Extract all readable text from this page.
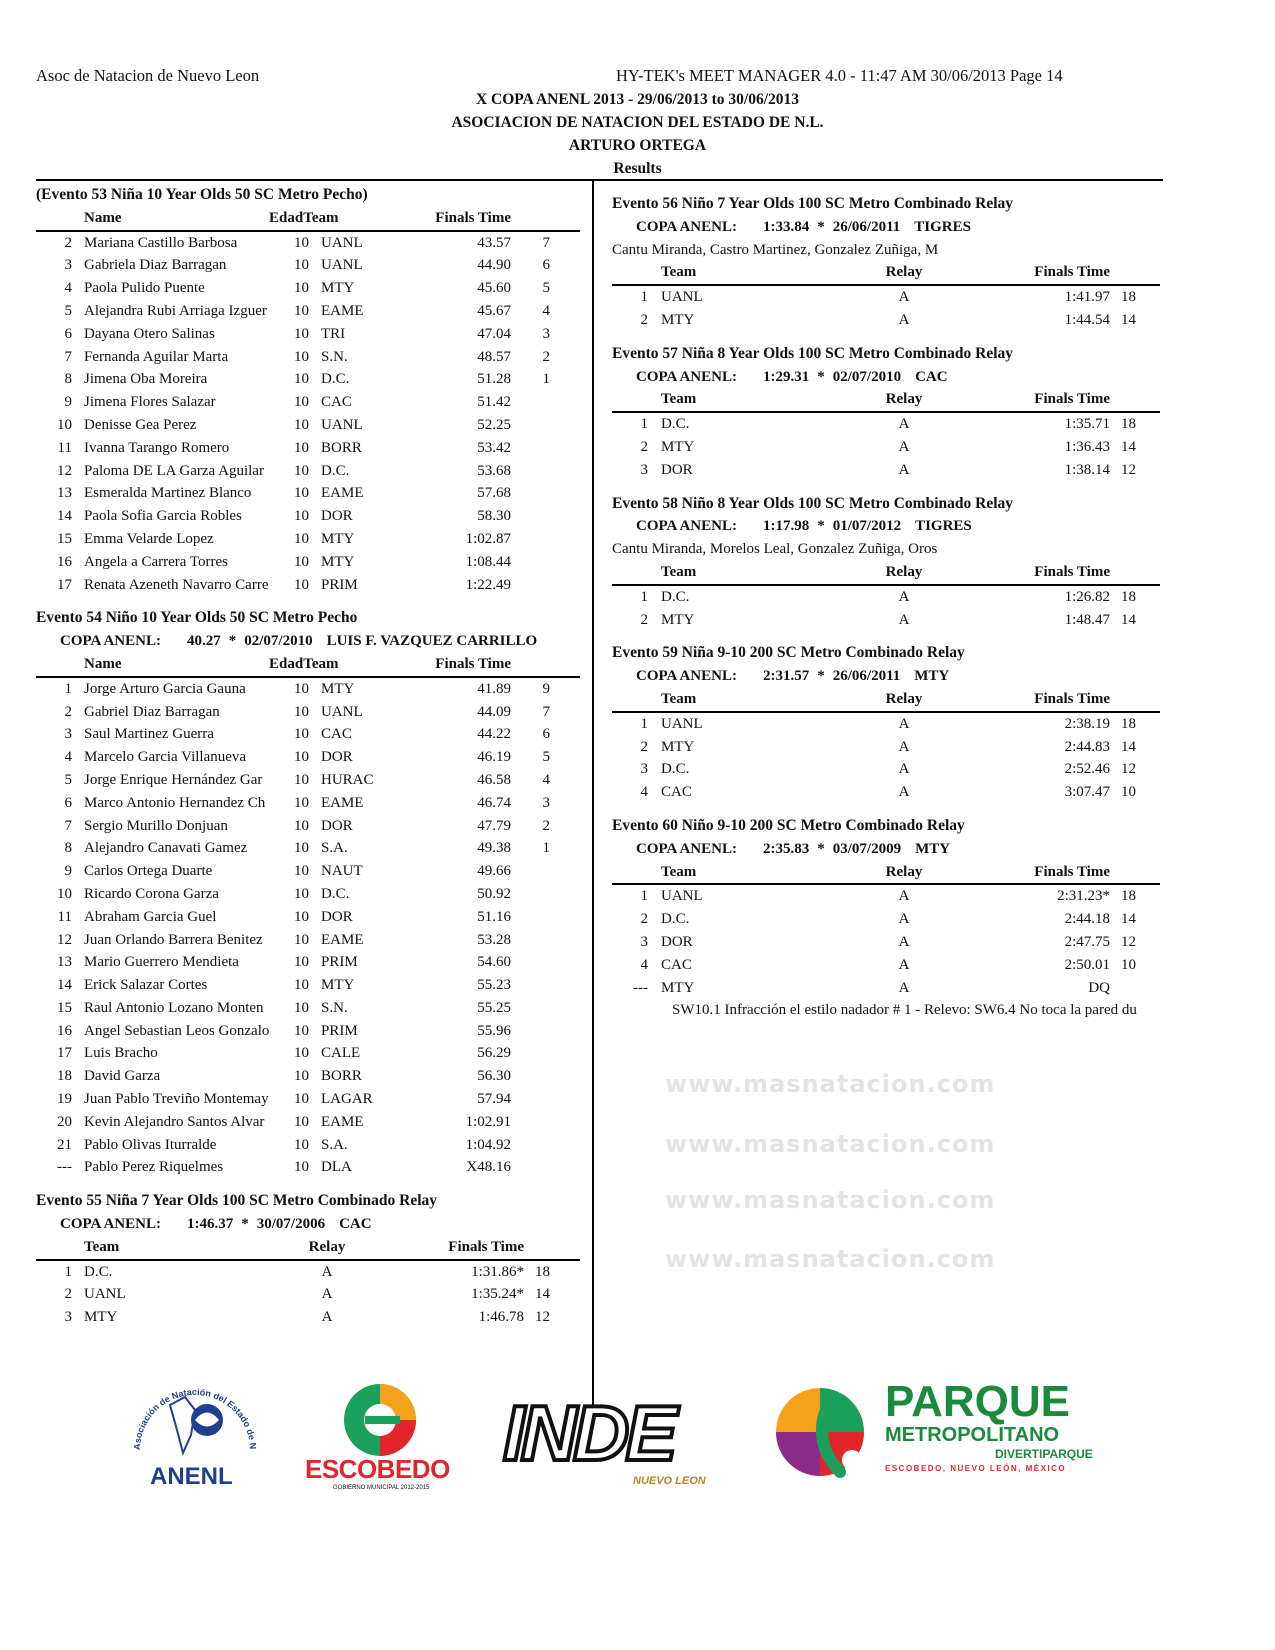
Asoc de Natacion de Nuevo Leon	HY-TEK's MEET MANAGER 4.0 - 11:47 AM 30/06/2013 Page 14
X COPA ANENL 2013 - 29/06/2013 to 30/06/2013
ASOCIACION DE NATACION DEL ESTADO DE N.L.
ARTURO ORTEGA
Results
www.masnatacion.com
www.masnatacion.com
www.masnatacion.com
www.masnatacion.com
(Evento 53 Niña 10 Year Olds 50 SC Metro Pecho)
Name	Finals Time
EdadTeam
2 Mariana Castillo Barbosa	10 UANL	43.57	7
3 Gabriela Diaz Barragan	10 UANL	44.90	6
4 Paola Pulido Puente	10 MTY	45.60	5
5 Alejandra Rubi Arriaga Izguer	10 EAME	45.67	4
6 Dayana Otero Salinas	10 TRI	47.04	3
7 Fernanda Aguilar Marta	10 S.N.	48.57	2
8 Jimena Oba Moreira	10 D.C.	51.28	1
9 Jimena Flores Salazar	10 CAC	51.42
10 Denisse Gea Perez	10 UANL	52.25
11 Ivanna Tarango Romero	10 BORR	53.42
12 Paloma DE LA Garza Aguilar	10 D.C.	53.68
13 Esmeralda Martinez Blanco	10 EAME	57.68
14 Paola Sofia Garcia Robles	10 DOR	58.30
15 Emma Velarde Lopez	10 MTY	1:02.87
16 Angela a Carrera Torres	10 MTY	1:08.44
17 Renata Azeneth Navarro Carre	10 PRIM	1:22.49
Evento 54 Niño 10 Year Olds 50 SC Metro Pecho
COPA ANENL: 40.27 * 02/07/2010 LUIS F. VAZQUEZ CARRILLO
Name	Finals Time
EdadTeam
1 Jorge Arturo Garcia Gauna	10 MTY	41.89	9
2 Gabriel Diaz Barragan	10 UANL	44.09	7
3 Saul Martinez Guerra	10 CAC	44.22	6
4 Marcelo Garcia Villanueva	10 DOR	46.19	5
5 Jorge Enrique Hernández Gar	10 HURAC	46.58	4
6 Marco Antonio Hernandez Ch	10 EAME	46.74	3
7 Sergio Murillo Donjuan	10 DOR	47.79	2
8 Alejandro Canavati Gamez	10 S.A.	49.38	1
9 Carlos Ortega Duarte	10 NAUT	49.66
10 Ricardo Corona Garza	10 D.C.	50.92
11 Abraham Garcia Guel	10 DOR	51.16
12 Juan Orlando Barrera Benitez	10 EAME	53.28
13 Mario Guerrero Mendieta	10 PRIM	54.60
14 Erick Salazar Cortes	10 MTY	55.23
15 Raul Antonio Lozano Monten	10 S.N.	55.25
16 Angel Sebastian Leos Gonzalo	10 PRIM	55.96
17 Luis Bracho	10 CALE	56.29
18 David Garza	10 BORR	56.30
19 Juan Pablo Treviño Montemay	10 LAGAR	57.94
20 Kevin Alejandro Santos Alvar	10 EAME	1:02.91
21 Pablo Olivas Iturralde	10 S.A.	1:04.92
--- Pablo Perez Riquelmes	10 DLA	X48.16
Evento 55 Niña 7 Year Olds 100 SC Metro Combinado Relay
COPA ANENL: 1:46.37 * 30/07/2006 CAC
Team	Relay	Finals Time
1 D.C.	A	1:31.86* 18
2 UANL	A	1:35.24* 14
3 MTY	A	1:46.78 12
Evento 56 Niño 7 Year Olds 100 SC Metro Combinado Relay
COPA ANENL: 1:33.84 * 26/06/2011 TIGRES
Cantu Miranda, Castro Martinez, Gonzalez Zuñiga, M
Team	Relay	Finals Time
1 UANL	A	1:41.97 18
2 MTY	A	1:44.54 14
Evento 57 Niña 8 Year Olds 100 SC Metro Combinado Relay
COPA ANENL: 1:29.31 * 02/07/2010 CAC
Team	Relay	Finals Time
1 D.C.	A	1:35.71 18
2 MTY	A	1:36.43 14
3 DOR	A	1:38.14 12
Evento 58 Niño 8 Year Olds 100 SC Metro Combinado Relay
COPA ANENL: 1:17.98 * 01/07/2012 TIGRES
Cantu Miranda, Morelos Leal, Gonzalez Zuñiga, Oros
Team	Relay	Finals Time
1 D.C.	A	1:26.82 18
2 MTY	A	1:48.47 14
Evento 59 Niña 9-10 200 SC Metro Combinado Relay
COPA ANENL: 2:31.57 * 26/06/2011 MTY
Team	Relay	Finals Time
1 UANL	A	2:38.19 18
2 MTY	A	2:44.83 14
3 D.C.	A	2:52.46 12
4 CAC	A	3:07.47 10
Evento 60 Niño 9-10 200 SC Metro Combinado Relay
COPA ANENL: 2:35.83 * 03/07/2009 MTY
Team	Relay	Finals Time
1 UANL	A	2:31.23* 18
2 D.C.	A	2:44.18 14
3 DOR	A	2:47.75 12
4 CAC	A	2:50.01 10
--- MTY	A	DQ
SW10.1 Infracción el estilo nadador # 1 - Relevo: SW6.4 No toca la pared du
Asociación de Natación del Estado de N
ANENL	ESCOBEDO
GOBIERNO MUNICIPAL 2012-2015
INDE
NUEVO LEON
PARQUE
METROPOLITANO
DIVERTIPARQUE
ESCOBEDO, NUEVO LEÓN, MÉXICO
